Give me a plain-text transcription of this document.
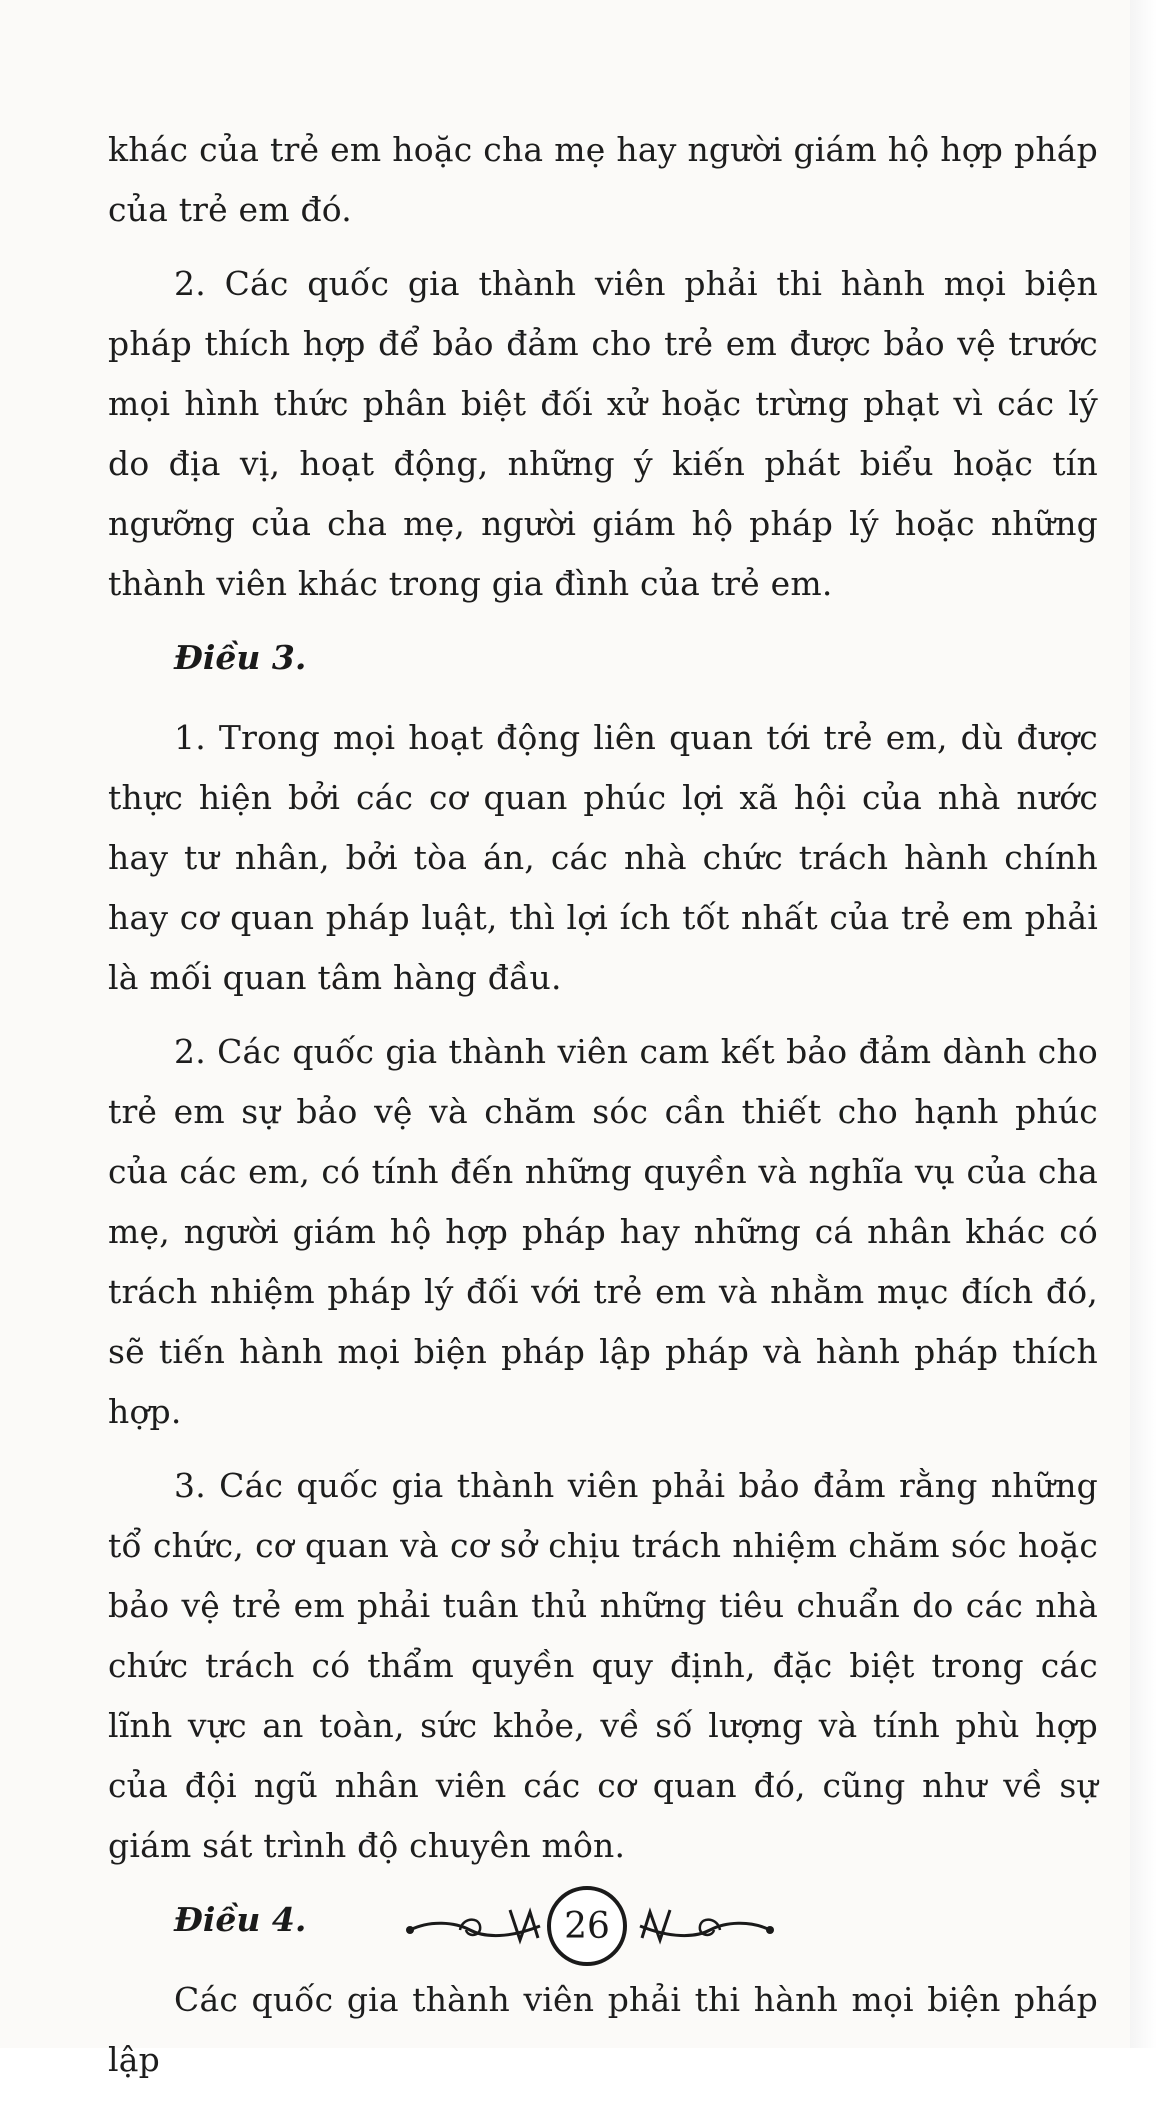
khác của trẻ em hoặc cha mẹ hay người giám hộ hợp pháp của trẻ em đó.

2. Các quốc gia thành viên phải thi hành mọi biện pháp thích hợp để bảo đảm cho trẻ em được bảo vệ trước mọi hình thức phân biệt đối xử hoặc trừng phạt vì các lý do địa vị, hoạt động, những ý kiến phát biểu hoặc tín ngưỡng của cha mẹ, người giám hộ pháp lý hoặc những thành viên khác trong gia đình của trẻ em.

Điều 3.

1. Trong mọi hoạt động liên quan tới trẻ em, dù được thực hiện bởi các cơ quan phúc lợi xã hội của nhà nước hay tư nhân, bởi tòa án, các nhà chức trách hành chính hay cơ quan pháp luật, thì lợi ích tốt nhất của trẻ em phải là mối quan tâm hàng đầu.

2. Các quốc gia thành viên cam kết bảo đảm dành cho trẻ em sự bảo vệ và chăm sóc cần thiết cho hạnh phúc của các em, có tính đến những quyền và nghĩa vụ của cha mẹ, người giám hộ hợp pháp hay những cá nhân khác có trách nhiệm pháp lý đối với trẻ em và nhằm mục đích đó, sẽ tiến hành mọi biện pháp lập pháp và hành pháp thích hợp.

3. Các quốc gia thành viên phải bảo đảm rằng những tổ chức, cơ quan và cơ sở chịu trách nhiệm chăm sóc hoặc bảo vệ trẻ em phải tuân thủ những tiêu chuẩn do các nhà chức trách có thẩm quyền quy định, đặc biệt trong các lĩnh vực an toàn, sức khỏe, về số lượng và tính phù hợp của đội ngũ nhân viên các cơ quan đó, cũng như về sự giám sát trình độ chuyên môn.

Điều 4.

Các quốc gia thành viên phải thi hành mọi biện pháp lập

26
